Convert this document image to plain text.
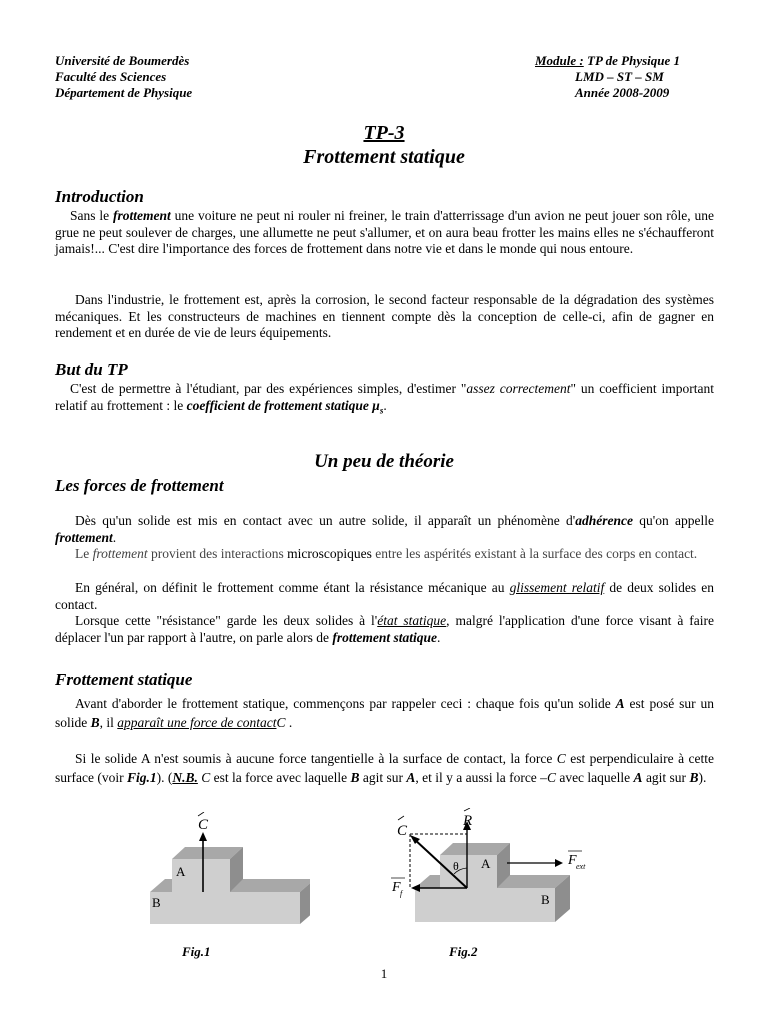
Université de Boumerdès
Faculté des Sciences
Département de Physique
Module : TP de Physique 1
LMD – ST – SM
Année 2008-2009
TP-3
Frottement statique
Introduction
Sans le frottement une voiture ne peut ni rouler ni freiner, le train d'atterrissage d'un avion ne peut jouer son rôle, une grue ne peut soulever de charges, une allumette ne peut s'allumer, et on aura beau frotter les mains elles ne s'échaufferont jamais!... C'est dire l'importance des forces de frottement dans notre vie et dans le monde qui nous entoure.
Dans l'industrie, le frottement est, après la corrosion, le second facteur responsable de la dégradation des systèmes mécaniques. Et les constructeurs de machines en tiennent compte dès la conception de celle-ci, afin de gagner en rendement et en durée de vie de leurs équipements.
But du TP
C'est de permettre à l'étudiant, par des expériences simples, d'estimer "assez correctement" un coefficient important relatif au frottement : le coefficient de frottement statique $\mu_s$.
Un peu de théorie
Les forces de frottement
Dès qu'un solide est mis en contact avec un autre solide, il apparaît un phénomène d'adhérence qu'on appelle frottement.
Le frottement provient des interactions microscopiques entre les aspérités existant à la surface des corps en contact.
En général, on définit le frottement comme étant la résistance mécanique au glissement relatif de deux solides en contact.
Lorsque cette "résistance" garde les deux solides à l'état statique, malgré l'application d'une force visant à faire déplacer l'un par rapport à l'autre, on parle alors de frottement statique.
Frottement statique
Avant d'aborder le frottement statique, commençons par rappeler ceci : chaque fois qu'un solide A est posé sur un solide B, il apparaît une force de contactC .
Si le solide A n'est soumis à aucune force tangentielle à la surface de contact, la force C est perpendiculaire à cette surface (voir Fig.1). (N.B. C est la force avec laquelle B agit sur A, et il y a aussi la force –C avec laquelle A agit sur B).
C
A
B
Fig.1
θ
C
R
A
B
F ext
F f
Fig.2
1
